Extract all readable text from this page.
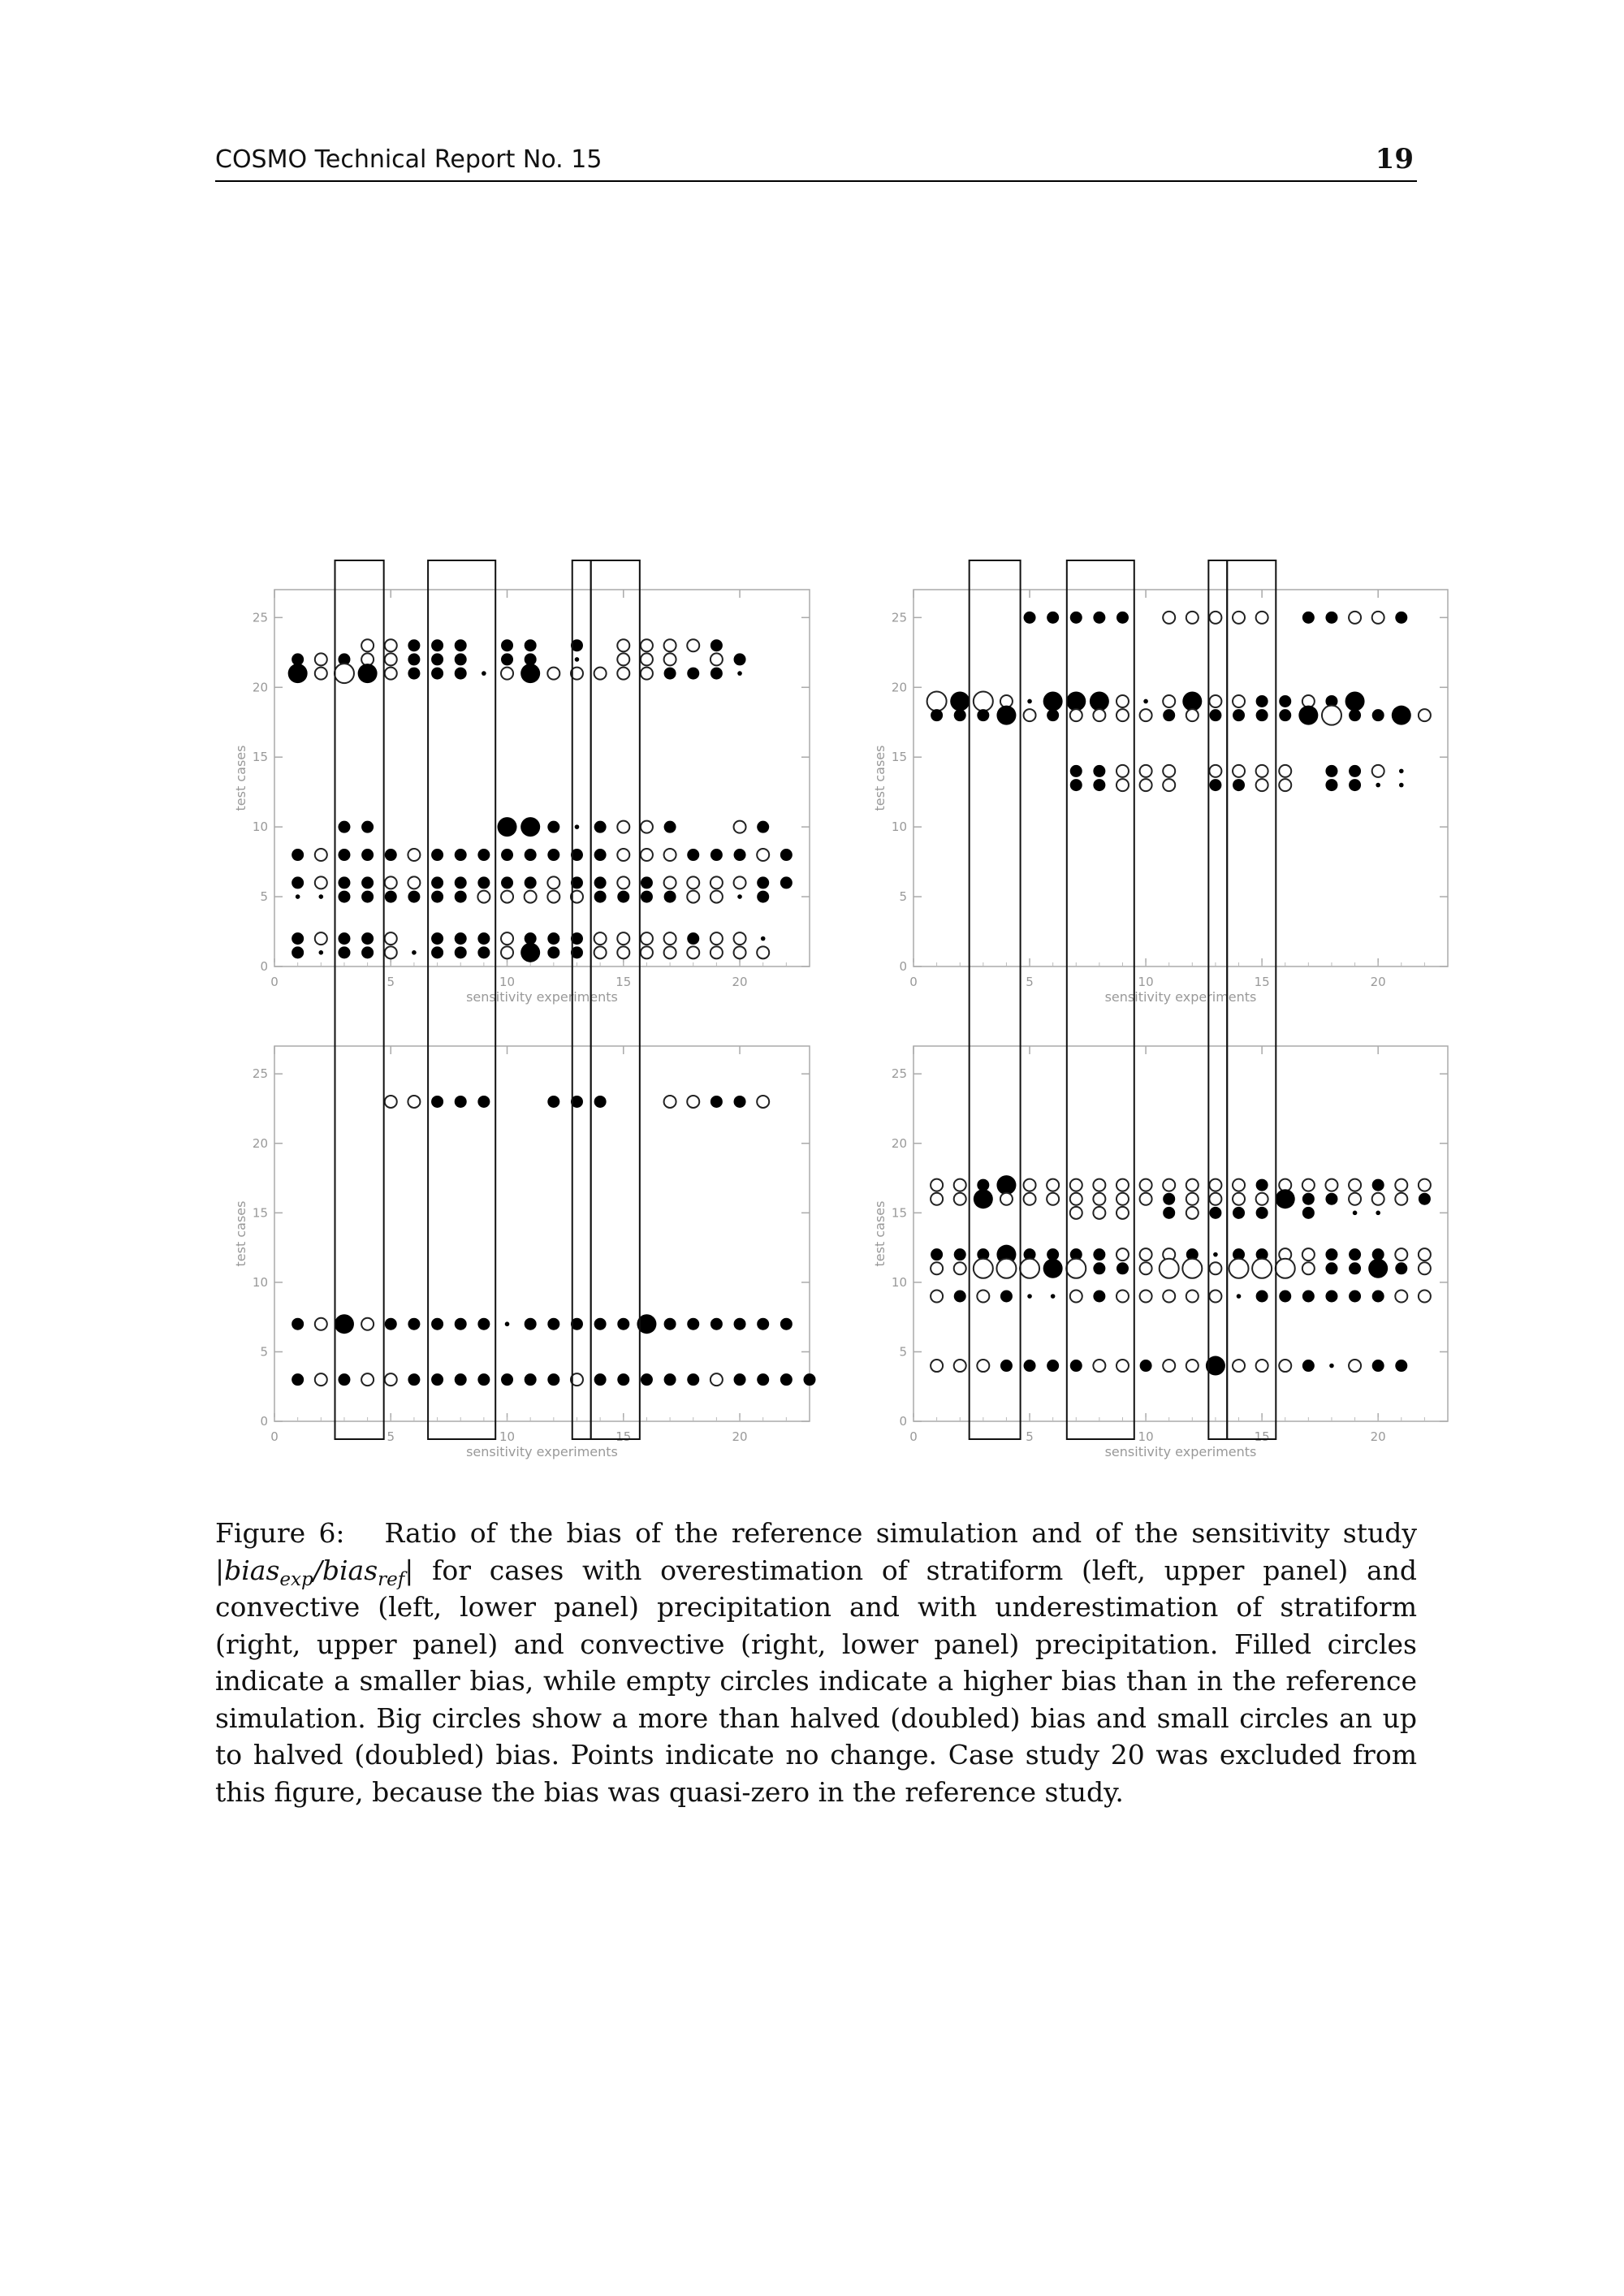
COSMO Technical Report No. 15	19
0	5	10	15	20
0
5
10
15
20
25
sensitivity experiments
test cases
0	5	10	15	20
0
5
10
15
20
25
sensitivity experiments
test cases
0	5	10	15	20
0
5
10
15
20
25
sensitivity experiments
test cases
0	5	10	15	20
0
5
10
15
20
25
sensitivity experiments
test cases
Figure 6: Ratio of the bias of the reference simulation and of the sensitivity study |bias$_{exp}$/bias$_{ref}$| for cases with overestimation of stratiform (left, upper panel) and convective (left, lower panel) precipitation and with underestimation of stratiform (right, upper panel) and convective (right, lower panel) precipitation. Filled circles indicate a smaller bias, while empty circles indicate a higher bias than in the reference simulation. Big circles show a more than halved (doubled) bias and small circles an up to halved (doubled) bias. Points indicate no change. Case study 20 was excluded from this figure, because the bias was quasi-zero in the reference study.
